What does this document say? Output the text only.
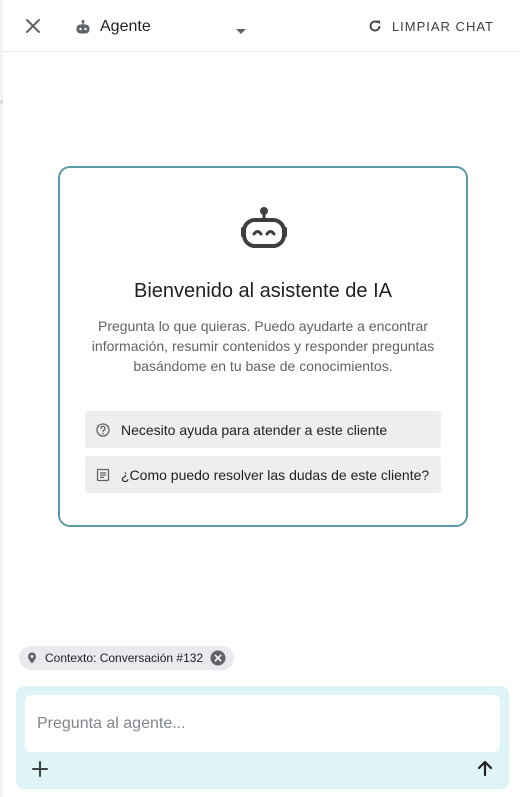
Agente	LIMPIAR CHAT
Bienvenido al asistente de IA
Pregunta lo que quieras. Puedo ayudarte a encontrar información, resumir contenidos y responder preguntas basándome en tu base de conocimientos.
Necesito ayuda para atender a este cliente
¿Como puedo resolver las dudas de este cliente?
Contexto: Conversación #132
Pregunta al agente...
